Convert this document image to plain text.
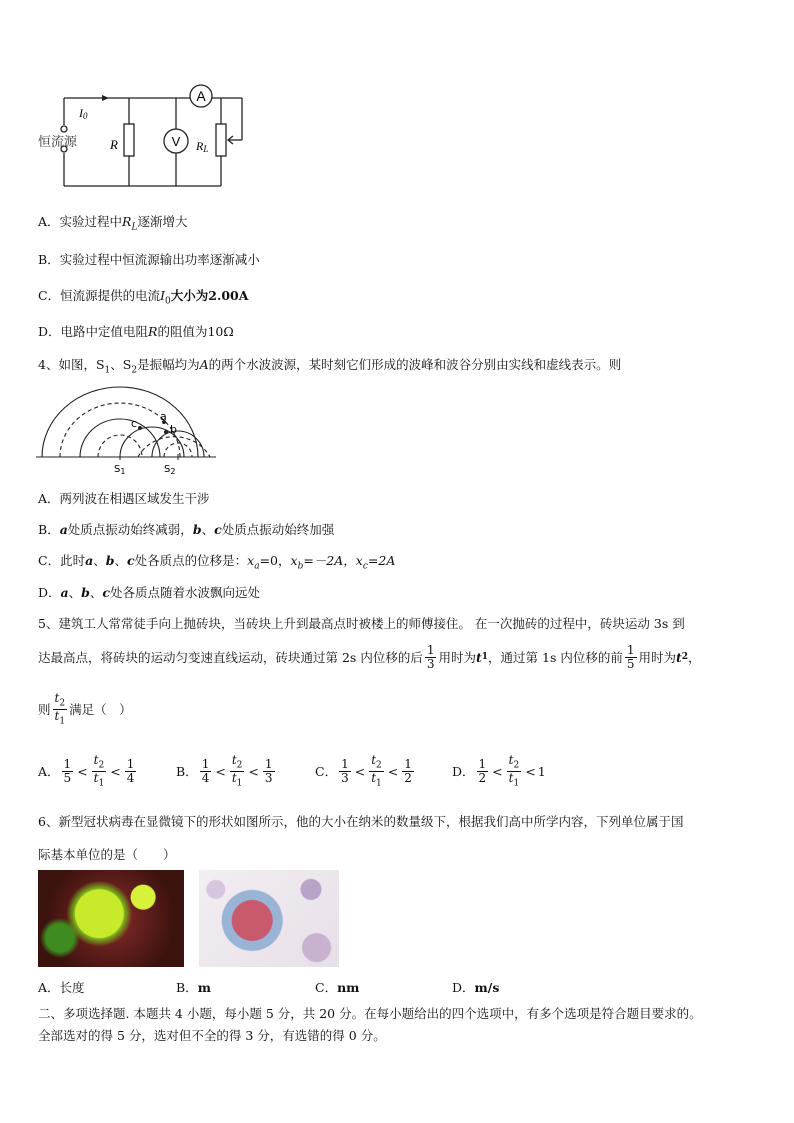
A
V
I0
恒流源	R	RL
A．实验过程中$R_L$逐渐增大
B．实验过程中恒流源输出功率逐渐减小
C．恒流源提供的电流$I_0$大小为2.00A
D．电路中定值电阻R的阻值为10Ω
4、如图，$S_1$、$S_2$是振幅均为A的两个水波波源，某时刻它们形成的波峰和波谷分别由实线和虚线表示。则
a
b
c
$S_1$	$S_2$
A．两列波在相遇区域发生干涉
B．a处质点振动始终减弱，b、c处质点振动始终加强
C．此时a、b、c处各质点的位移是：$x_a=0$，$x_b=-2A$，$x_c=2A$
D．a、b、c处各质点随着水波飘向远处
5、建筑工人常常徒手向上抛砖块，当砖块上升到最高点时被楼上的师傅接住。 在一次抛砖的过程中，砖块运动 3s 到
达最高点，将砖块的运动匀变速直线运动，砖块通过第 2s 内位移的后 $\frac{1}{3}$ 用时为 t 1 ，通过第 1s 内位移的前 $\frac{1}{5}$ 用时为 t 2 ，
则 $\frac{t_2}{t_1}$ 满足（　）
A． $\frac{1}{5} < \frac{t_2}{t_1} < \frac{1}{4}$	B． $\frac{1}{4} < \frac{t_2}{t_1} < \frac{1}{3}$	C． $\frac{1}{3} < \frac{t_2}{t_1} < \frac{1}{2}$	D． $\frac{1}{2} < \frac{t_2}{t_1} < 1$
6、新型冠状病毒在显微镜下的形状如图所示，他的大小在纳米的数量级下，根据我们高中所学内容，下列单位属于国
际基本单位的是（　　）
A．长度	B．m	C．nm	D．m/s
二、多项选择题. 本题共 4 小题，每小题 5 分，共 20 分。在每小题给出的四个选项中，有多个选项是符合题目要求的。
全部选对的得 5 分，选对但不全的得 3 分，有选错的得 0 分。
